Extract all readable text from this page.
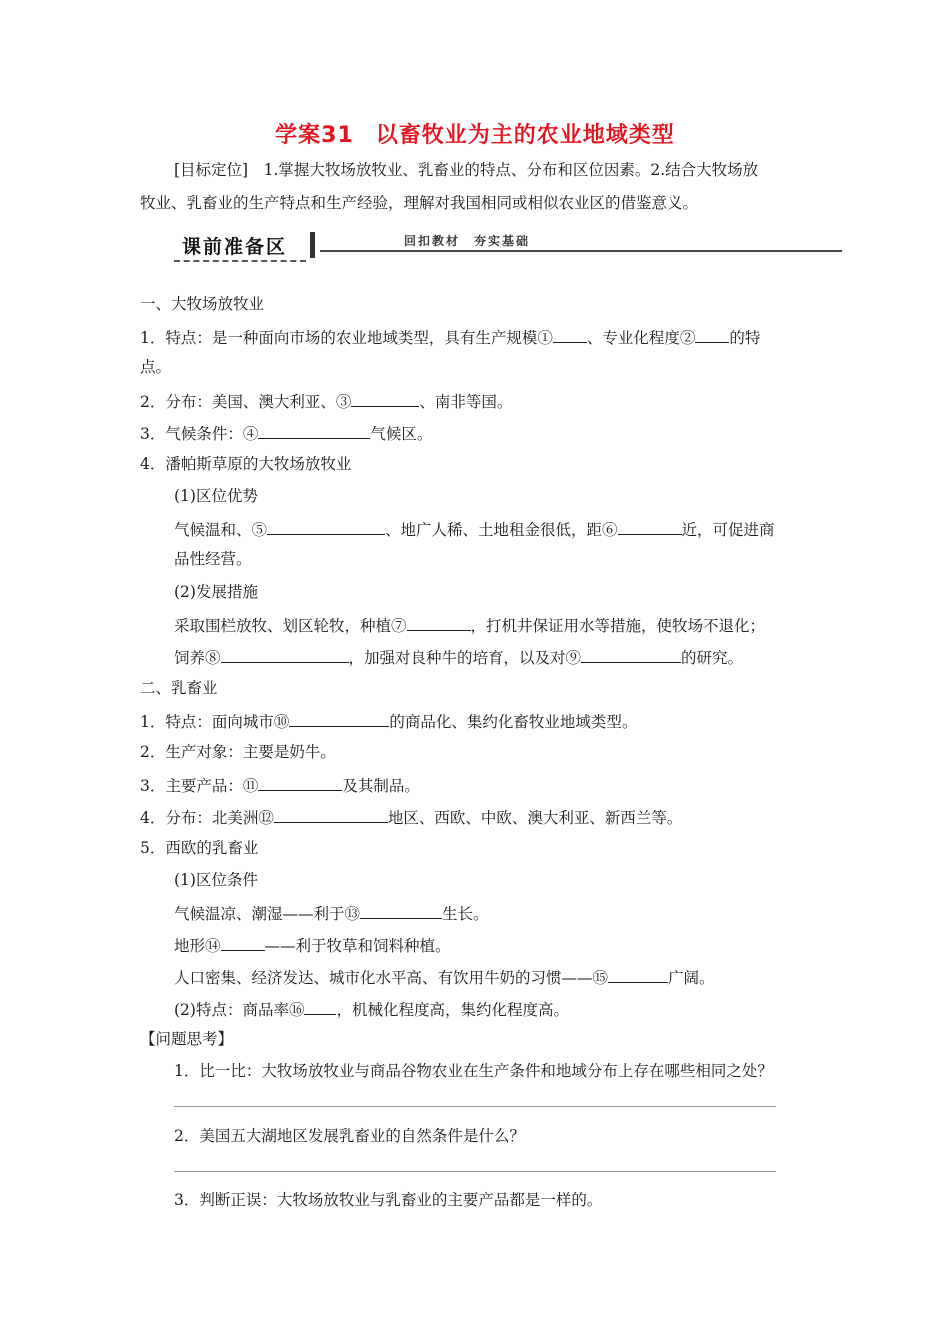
学案31 以畜牧业为主的农业地域类型
[目标定位]　1.掌握大牧场放牧业、乳畜业的特点、分布和区位因素。2.结合大牧场放
牧业、乳畜业的生产特点和生产经验，理解对我国相同或相似农业区的借鉴意义。
课前准备区	回扣教材　夯实基础
一、大牧场放牧业
1．特点：是一种面向市场的农业地域类型，具有生产规模① 、专业化程度② 的特
点。
2．分布：美国、澳大利亚、③	、南非等国。
3．气候条件：④	气候区。
4．潘帕斯草原的大牧场放牧业
(1)区位优势
气候温和、⑤	、地广人稀、土地租金很低，距⑥	近，可促进商
品性经营。
(2)发展措施
采取围栏放牧、划区轮牧，种植⑦	，打机井保证用水等措施，使牧场不退化；
饲养⑧	，加强对良种牛的培育，以及对⑨	的研究。
二、乳畜业
1．特点：面向城市⑩	的商品化、集约化畜牧业地域类型。
2．生产对象：主要是奶牛。
3．主要产品：⑪	及其制品。
4．分布：北美洲⑫	地区、西欧、中欧、澳大利亚、新西兰等。
5．西欧的乳畜业
(1)区位条件
气候温凉、潮湿——利于⑬	生长。
地形⑭	——利于牧草和饲料种植。
人口密集、经济发达、城市化水平高、有饮用牛奶的习惯——⑮	广阔。
(2)特点：商品率⑯ ，机械化程度高，集约化程度高。
【问题思考】
1．比一比：大牧场放牧业与商品谷物农业在生产条件和地域分布上存在哪些相同之处？
2．美国五大湖地区发展乳畜业的自然条件是什么？
3．判断正误：大牧场放牧业与乳畜业的主要产品都是一样的。
